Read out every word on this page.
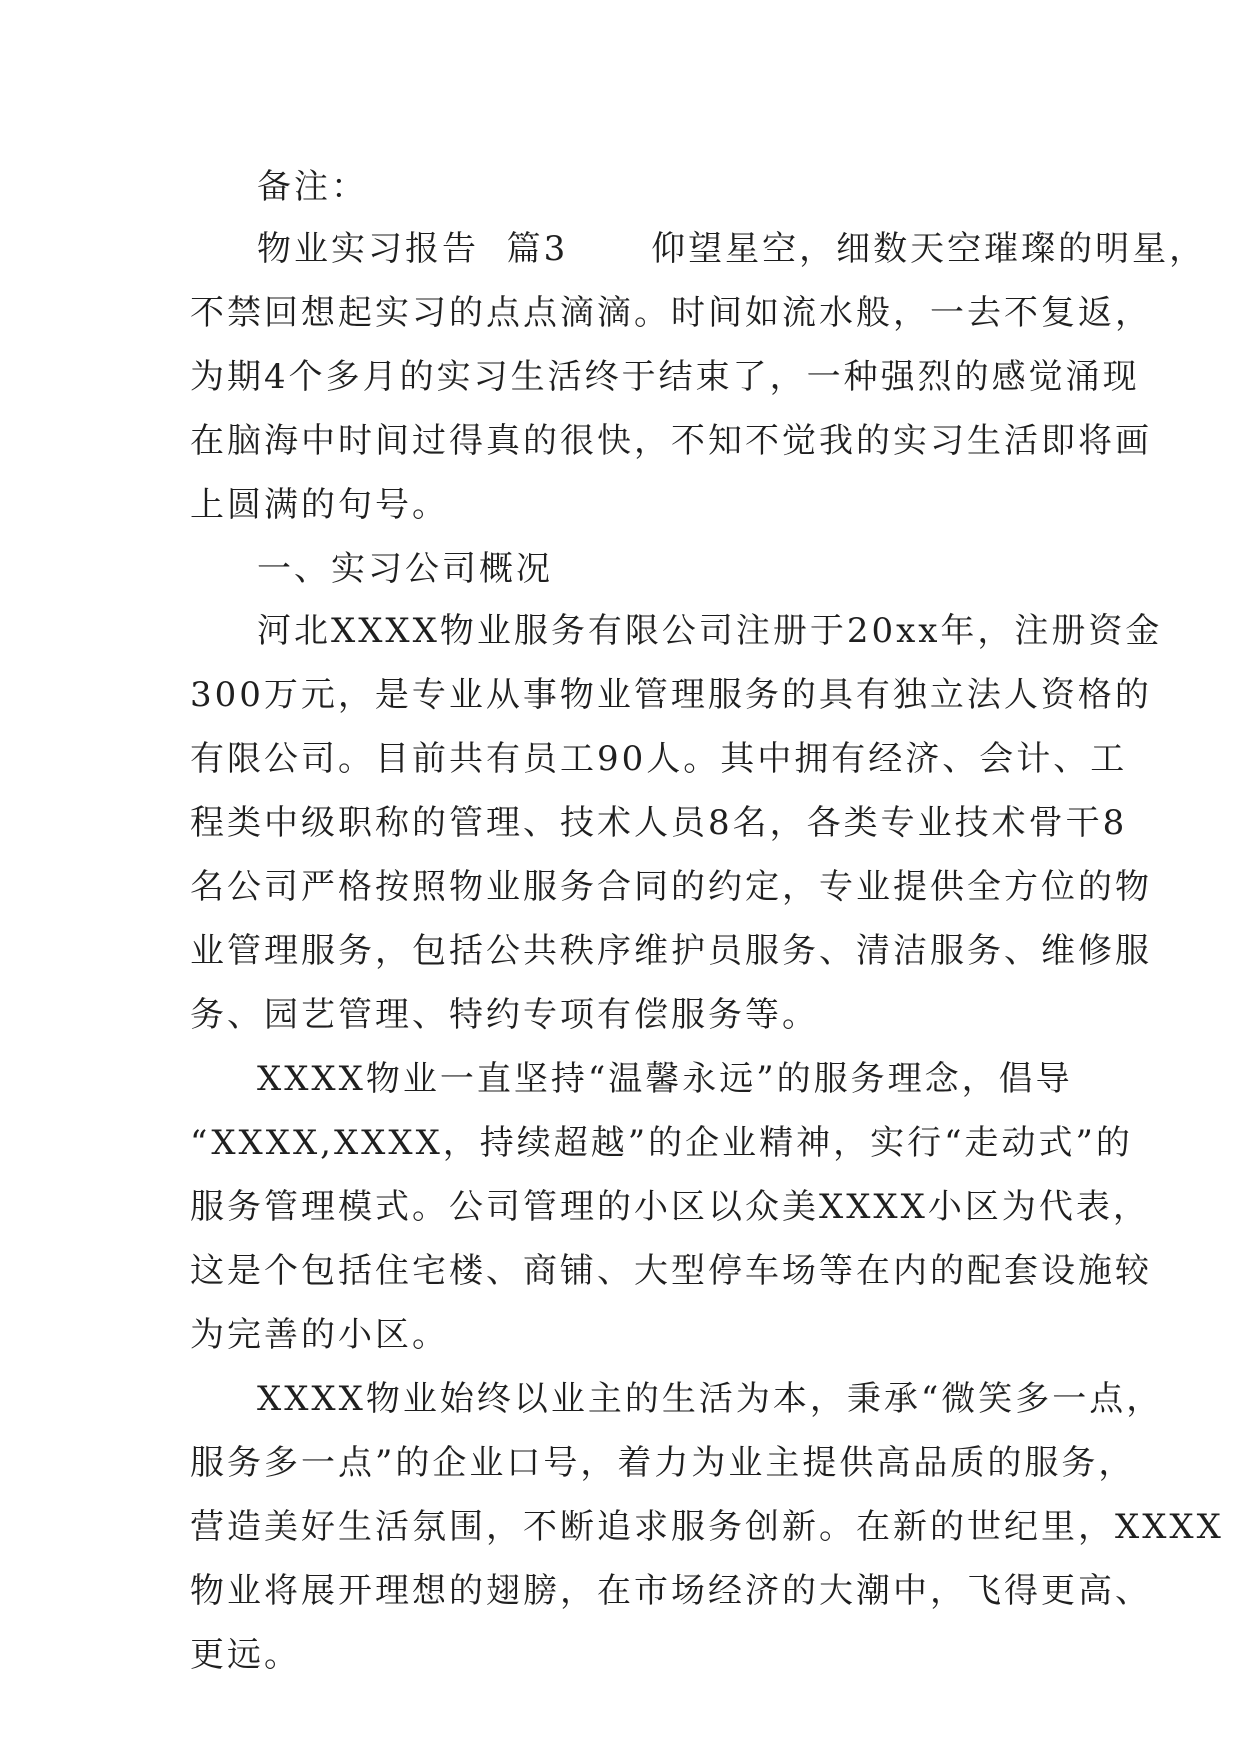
备注：
物业实习报告  篇3      仰望星空，细数天空璀璨的明星，
不禁回想起实习的点点滴滴。时间如流水般，一去不复返，
为期4个多月的实习生活终于结束了，一种强烈的感觉涌现
在脑海中时间过得真的很快，不知不觉我的实习生活即将画
上圆满的句号。
一、实习公司概况
河北XXXX物业服务有限公司注册于20xx年，注册资金
300万元，是专业从事物业管理服务的具有独立法人资格的
有限公司。目前共有员工90人。其中拥有经济、会计、工
程类中级职称的管理、技术人员8名，各类专业技术骨干8
名公司严格按照物业服务合同的约定，专业提供全方位的物
业管理服务，包括公共秩序维护员服务、清洁服务、维修服
务、园艺管理、特约专项有偿服务等。
XXXX物业一直坚持“温馨永远”的服务理念，倡导
“XXXX,XXXX，持续超越”的企业精神，实行“走动式”的
服务管理模式。公司管理的小区以众美XXXX小区为代表，
这是个包括住宅楼、商铺、大型停车场等在内的配套设施较
为完善的小区。
XXXX物业始终以业主的生活为本，秉承“微笑多一点，
服务多一点”的企业口号，着力为业主提供高品质的服务，
营造美好生活氛围，不断追求服务创新。在新的世纪里，XXXX
物业将展开理想的翅膀，在市场经济的大潮中，飞得更高、
更远。
